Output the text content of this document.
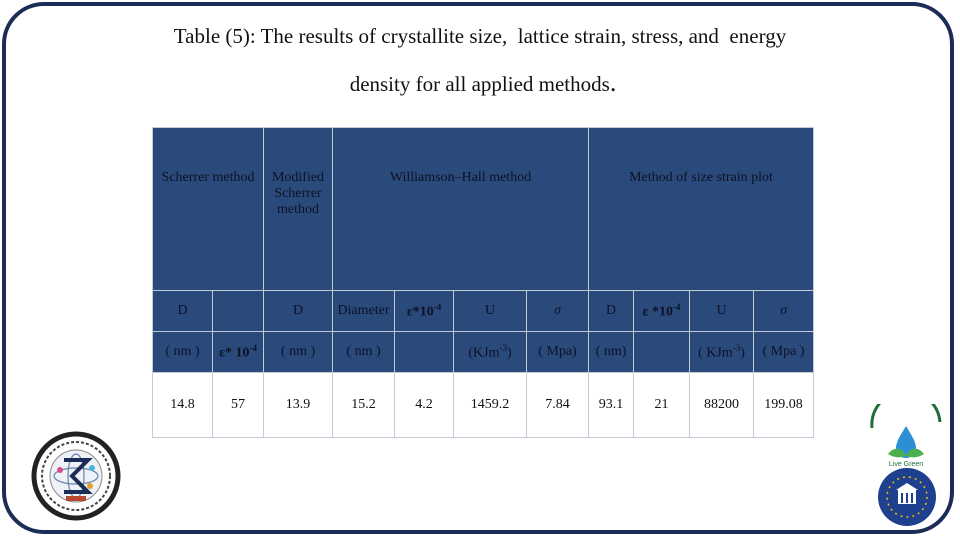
Table (5): The results of crystallite size,  lattice strain, stress, and  energy
density for all applied methods.
Scherrer method		Modified Scherrer method	Williamson–Hall method				Method of size strain plot			
D		D	Diameter	$\varepsilon*10^{-4}$	U	σ	D	ε $*10^{-4}$	U	σ
( nm )	ε* $10^{-4}$	( nm )	( nm )		(KJm$^{-3}$)	( Mpa)	( nm)		( KJm$^{-3}$)	( Mpa )
14.8	57	13.9	15.2	4.2	1459.2	7.84	93.1	21	88200	199.08
Live Green
